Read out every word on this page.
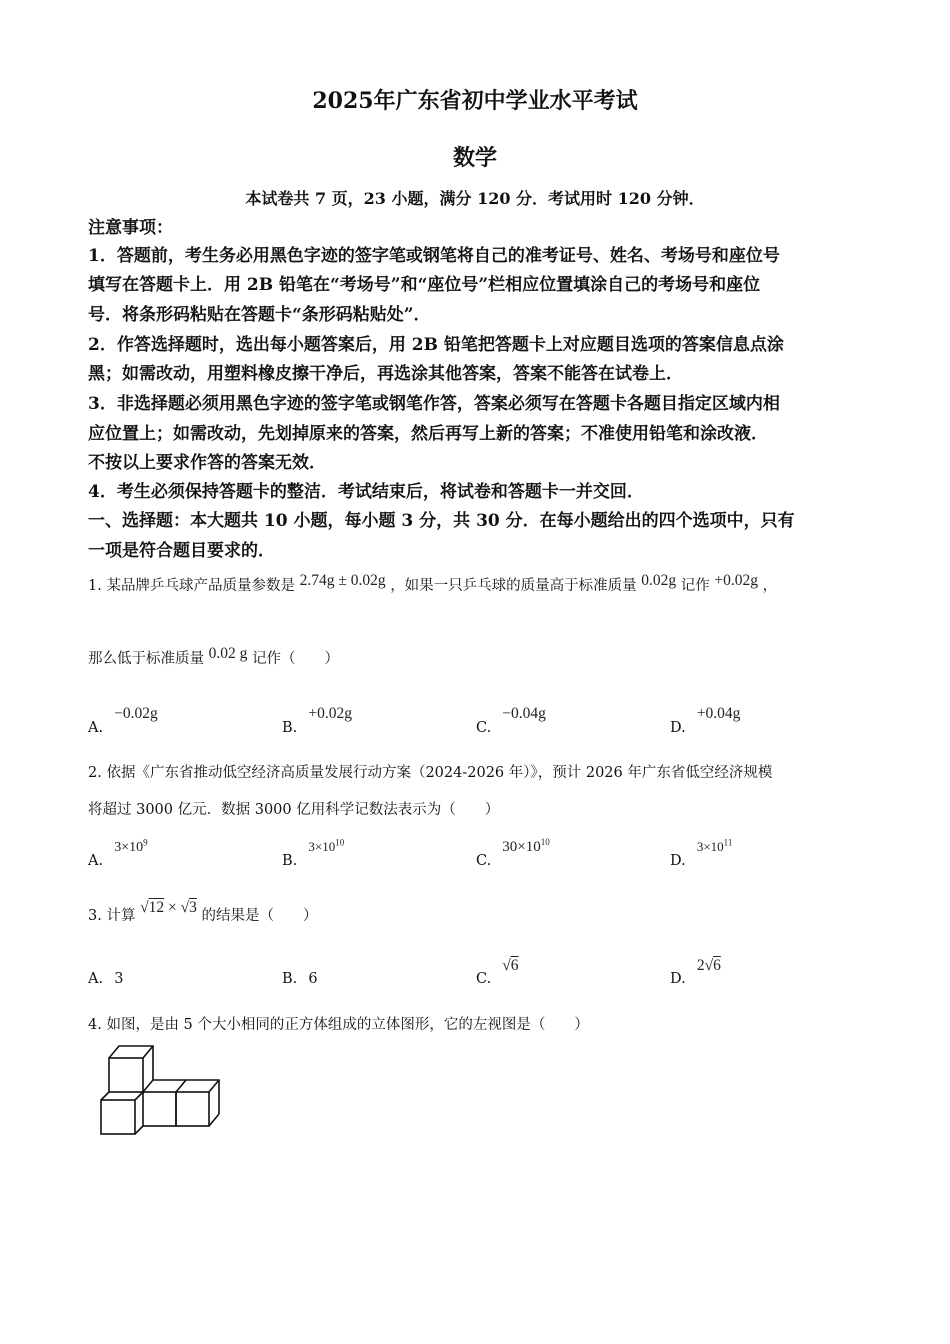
2025年广东省初中学业水平考试
数学
本试卷共 7 页，23 小题，满分 120 分．考试用时 120 分钟．
注意事项：
1．答题前，考生务必用黑色字迹的签字笔或钢笔将自己的准考证号、姓名、考场号和座位号
填写在答题卡上．用 2B 铅笔在“考场号”和“座位号”栏相应位置填涂自己的考场号和座位
号．将条形码粘贴在答题卡“条形码粘贴处”．
2．作答选择题时，选出每小题答案后，用 2B 铅笔把答题卡上对应题目选项的答案信息点涂
黑；如需改动，用塑料橡皮擦干净后，再选涂其他答案，答案不能答在试卷上．
3．非选择题必须用黑色字迹的签字笔或钢笔作答，答案必须写在答题卡各题目指定区域内相
应位置上；如需改动，先划掉原来的答案，然后再写上新的答案；不准使用铅笔和涂改液．
不按以上要求作答的答案无效．
4．考生必须保持答题卡的整洁．考试结束后，将试卷和答题卡一并交回．
一、选择题：本大题共 10 小题，每小题 3 分，共 30 分．在每小题给出的四个选项中，只有
一项是符合题目要求的．
1. 某品牌乒乓球产品质量参数是 2.74g ± 0.02g ，如果一只乒乓球的质量高于标准质量 0.02g 记作 +0.02g ，
那么低于标准质量 0.02 g 记作（　　）
A. −0.02g
B. +0.02g
C. −0.04g
D. +0.04g
2. 依据《广东省推动低空经济高质量发展行动方案（2024-2026 年）》，预计 2026 年广东省低空经济规模
将超过 3000 亿元．数据 3000 亿用科学记数法表示为（　　）
A. $3\times 10^9$
B. $3\times 10^{10}$
C. $30\times 10^{10}$
D. $3\times 10^{11}$
3. 计算 √12 × √3 的结果是（　　）
A. 3	B. 6	C. √6
D. 2√6
4. 如图，是由 5 个大小相同的正方体组成的立体图形，它的左视图是（　　）
